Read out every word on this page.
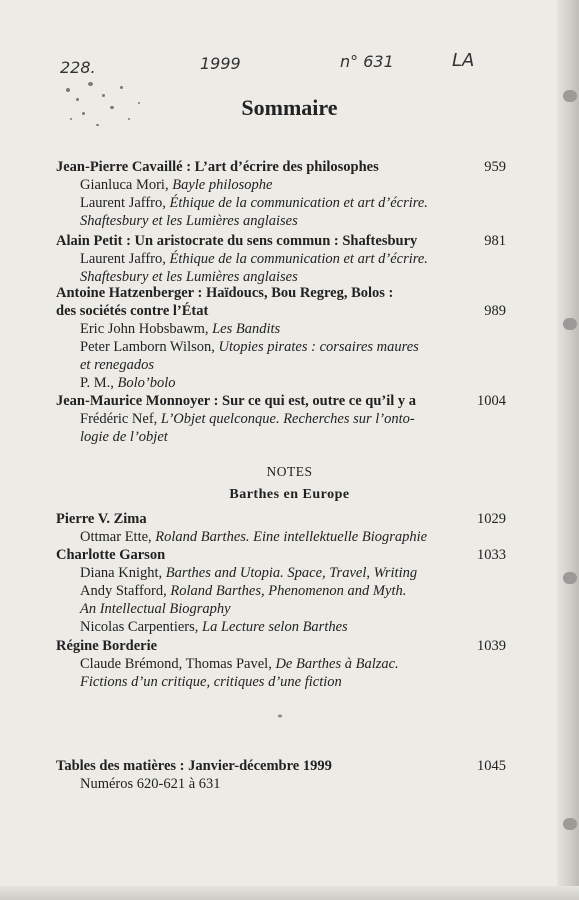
228.	1999	n° 631	LA
Sommaire
Jean-Pierre Cavaillé : L’art d’écrire des philosophes	959
Gianluca Mori, Bayle philosophe
Laurent Jaffro, Éthique de la communication et art d’écrire.
Shaftesbury et les Lumières anglaises
Alain Petit : Un aristocrate du sens commun : Shaftesbury	981
Laurent Jaffro, Éthique de la communication et art d’écrire.
Shaftesbury et les Lumières anglaises
Antoine Hatzenberger : Haïdoucs, Bou Regreg, Bolos :
des sociétés contre l’État	989
Eric John Hobsbawm, Les Bandits
Peter Lamborn Wilson, Utopies pirates : corsaires maures
et renegados
P. M., Bolo’bolo
Jean-Maurice Monnoyer : Sur ce qui est, outre ce qu’il y a	1004
Frédéric Nef, L’Objet quelconque. Recherches sur l’onto-
logie de l’objet
NOTES
Barthes en Europe
Pierre V. Zima	1029
Ottmar Ette, Roland Barthes. Eine intellektuelle Biographie
Charlotte Garson	1033
Diana Knight, Barthes and Utopia. Space, Travel, Writing
Andy Stafford, Roland Barthes, Phenomenon and Myth.
An Intellectual Biography
Nicolas Carpentiers, La Lecture selon Barthes
Régine Borderie	1039
Claude Brémond, Thomas Pavel, De Barthes à Balzac.
Fictions d’un critique, critiques d’une fiction
*
Tables des matières : Janvier-décembre 1999	1045
Numéros 620-621 à 631
